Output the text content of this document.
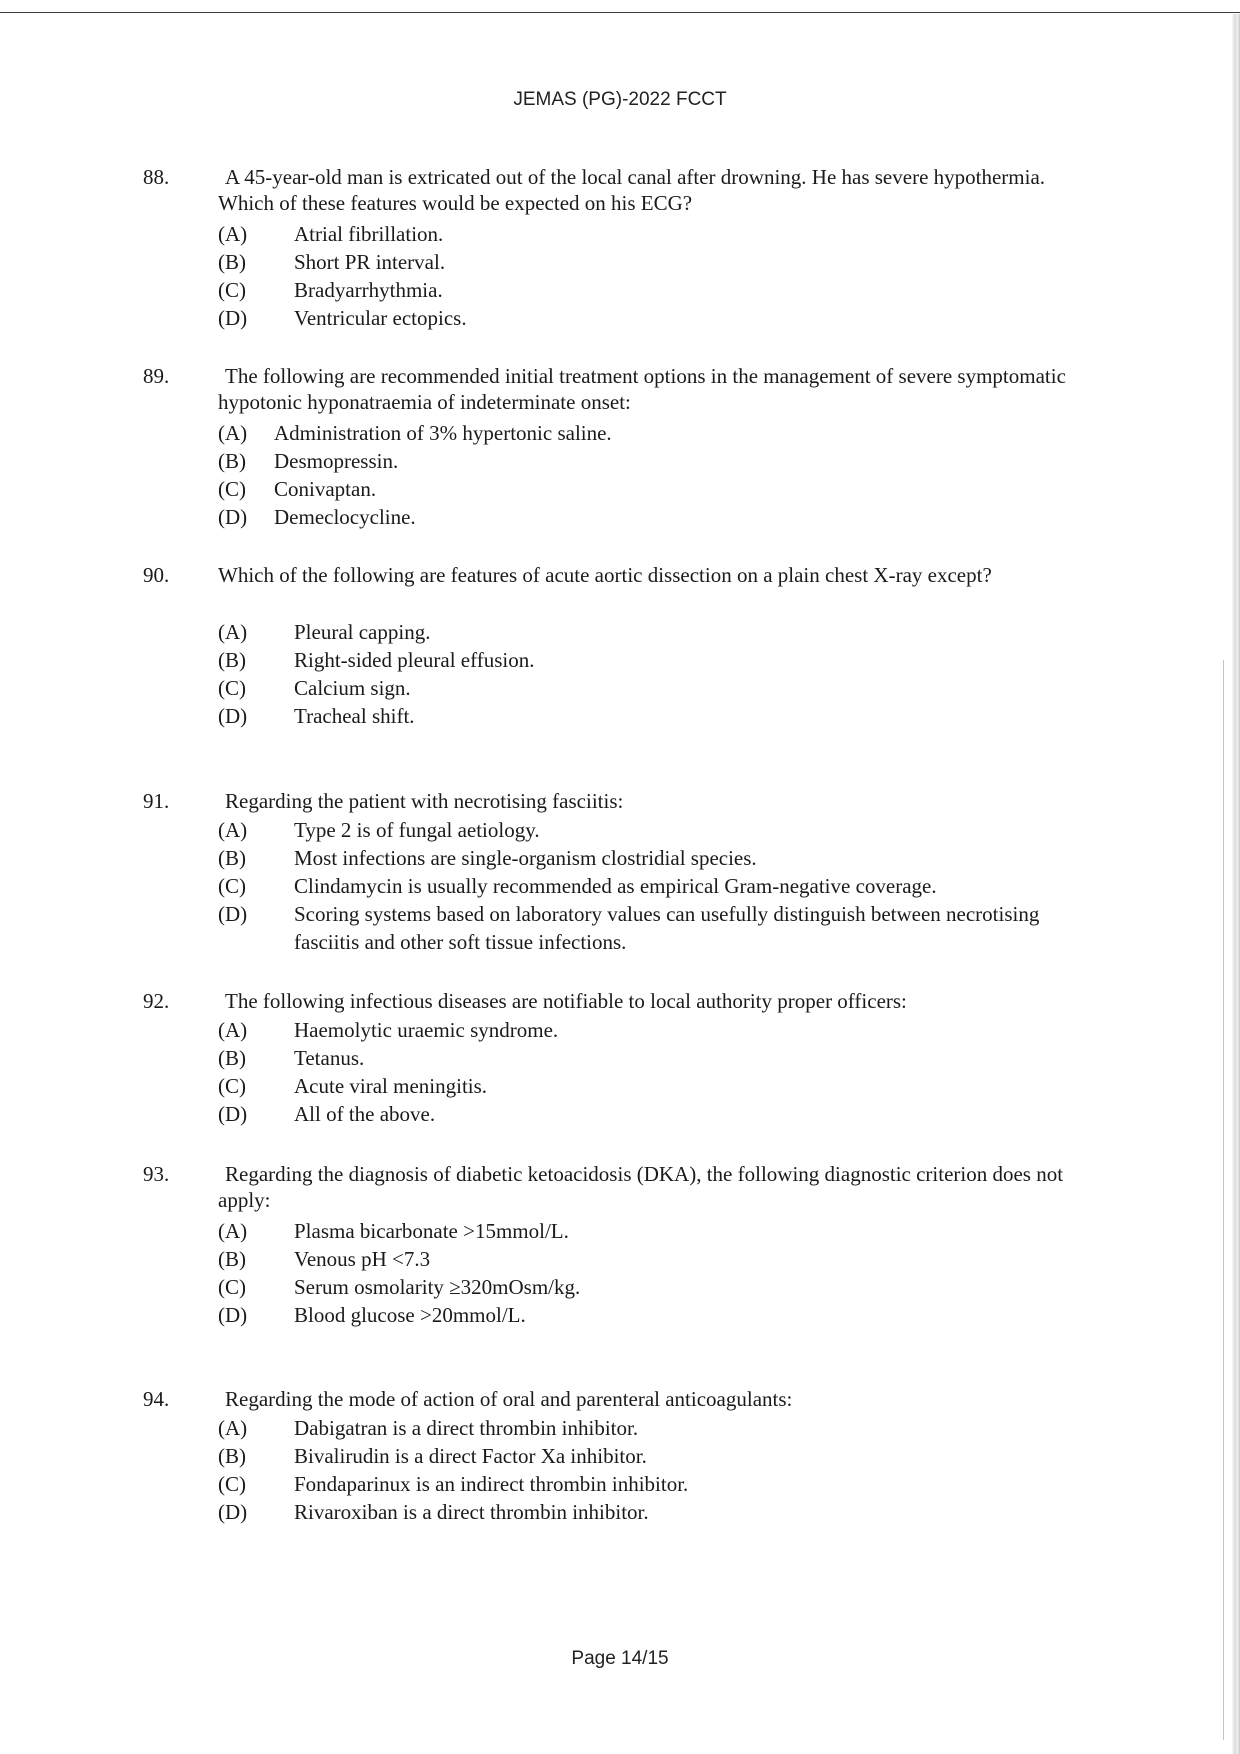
JEMAS (PG)-2022 FCCT
88.	A 45-year-old man is extricated out of the local canal after drowning. He has severe hypothermia. Which of these features would be expected on his ECG?
(A) Atrial fibrillation.
(B) Short PR interval.
(C) Bradyarrhythmia.
(D) Ventricular ectopics.
89.	The following are recommended initial treatment options in the management of severe symptomatic hypotonic hyponatraemia of indeterminate onset:
(A) Administration of 3% hypertonic saline.
(B) Desmopressin.
(C) Conivaptan.
(D) Demeclocycline.
90. Which of the following are features of acute aortic dissection on a plain chest X-ray except?
(A) Pleural capping.
(B) Right-sided pleural effusion.
(C) Calcium sign.
(D) Tracheal shift.
91.	Regarding the patient with necrotising fasciitis:
(A) Type 2 is of fungal aetiology.
(B) Most infections are single-organism clostridial species.
(C) Clindamycin is usually recommended as empirical Gram-negative coverage.
(D) Scoring systems based on laboratory values can usefully distinguish between necrotising fasciitis and other soft tissue infections.
92.	The following infectious diseases are notifiable to local authority proper officers:
(A) Haemolytic uraemic syndrome.
(B) Tetanus.
(C) Acute viral meningitis.
(D) All of the above.
93.	Regarding the diagnosis of diabetic ketoacidosis (DKA), the following diagnostic criterion does not apply:
(A) Plasma bicarbonate >15mmol/L.
(B) Venous pH <7.3
(C) Serum osmolarity ≥320mOsm/kg.
(D) Blood glucose >20mmol/L.
94.	Regarding the mode of action of oral and parenteral anticoagulants:
(A) Dabigatran is a direct thrombin inhibitor.
(B) Bivalirudin is a direct Factor Xa inhibitor.
(C) Fondaparinux is an indirect thrombin inhibitor.
(D) Rivaroxiban is a direct thrombin inhibitor.
Page 14/15
